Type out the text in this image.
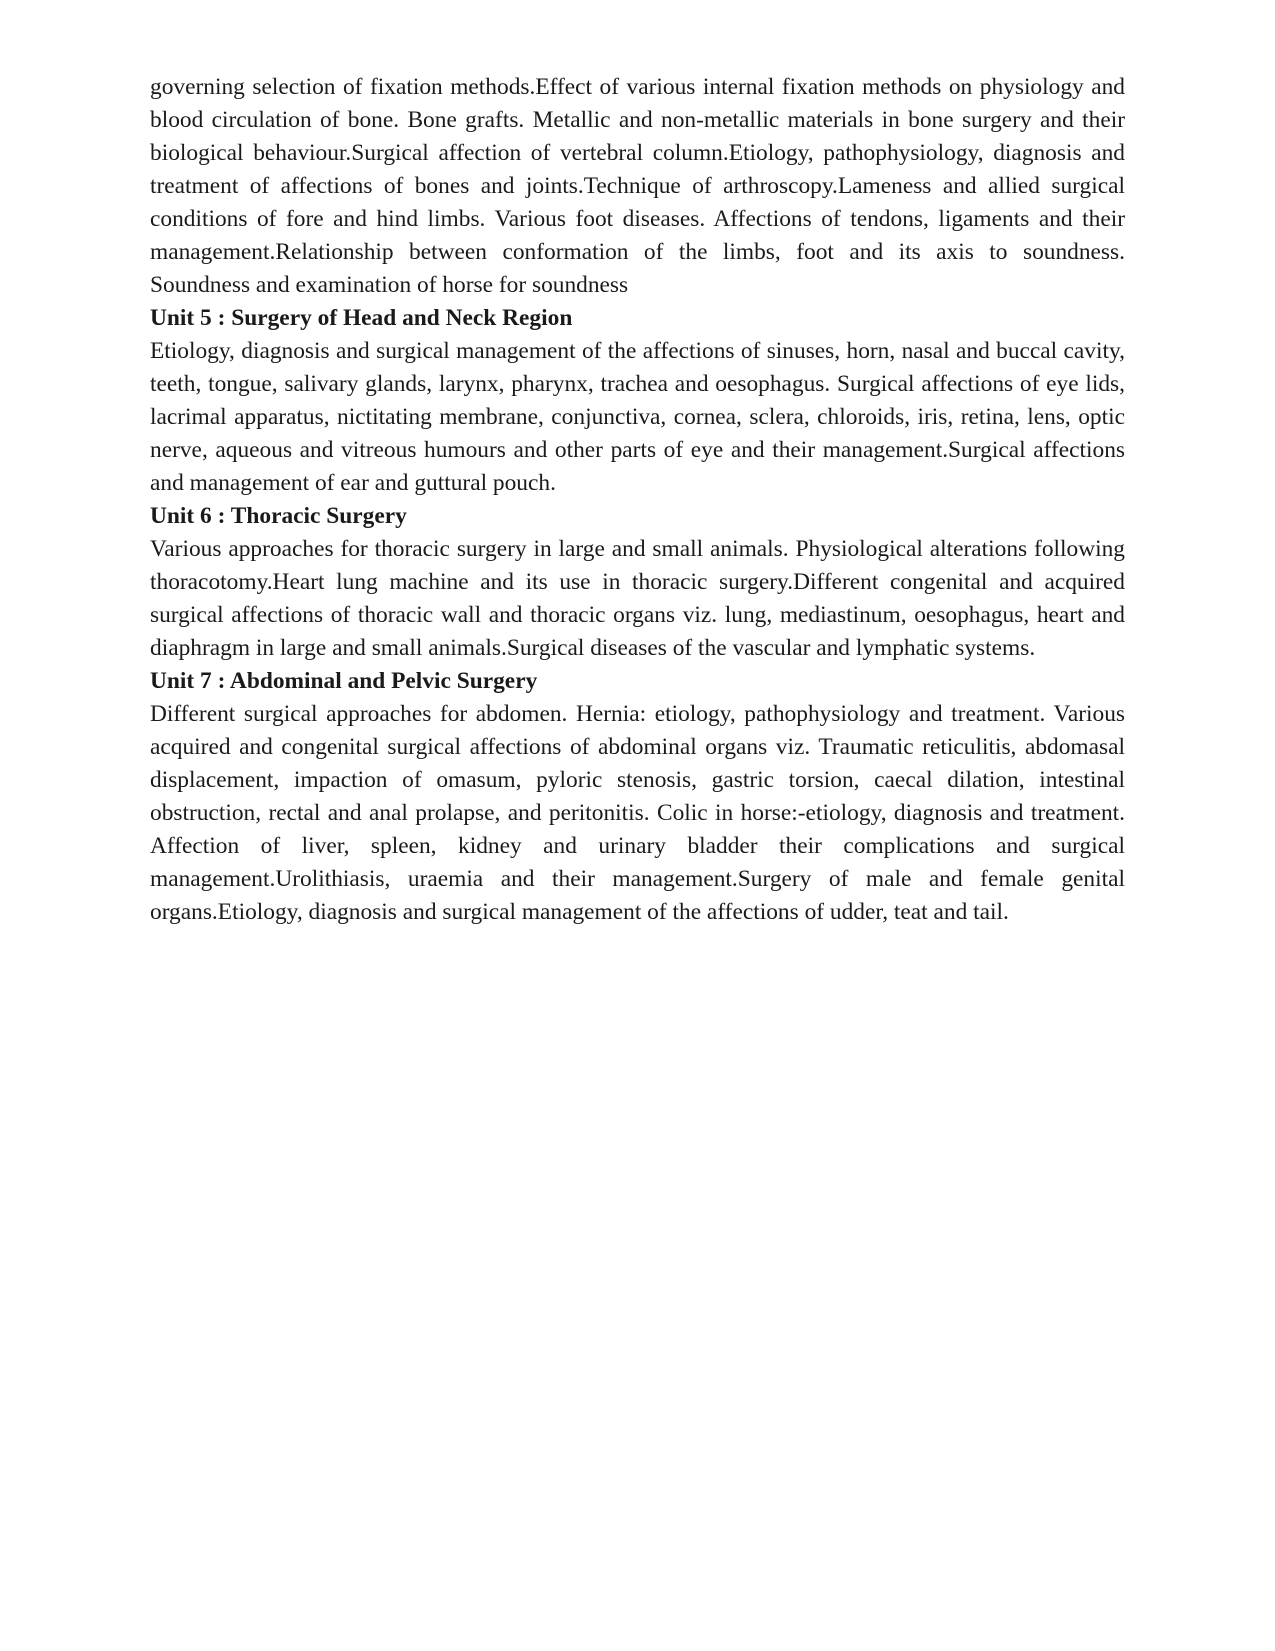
governing selection of fixation methods.Effect of various internal fixation methods on physiology and blood circulation of bone. Bone grafts. Metallic and non-metallic materials in bone surgery and their biological behaviour.Surgical affection of vertebral column.Etiology, pathophysiology, diagnosis and treatment of affections of bones and joints.Technique of arthroscopy.Lameness and allied surgical conditions of fore and hind limbs. Various foot diseases. Affections of tendons, ligaments and their management.Relationship between conformation of the limbs, foot and its axis to soundness. Soundness and examination of horse for soundness

Unit 5 : Surgery of Head and Neck Region

Etiology, diagnosis and surgical management of the affections of sinuses, horn, nasal and buccal cavity, teeth, tongue, salivary glands, larynx, pharynx, trachea and oesophagus. Surgical affections of eye lids, lacrimal apparatus, nictitating membrane, conjunctiva, cornea, sclera, chloroids, iris, retina, lens, optic nerve, aqueous and vitreous humours and other parts of eye and their management.Surgical affections and management of ear and guttural pouch.

Unit 6 : Thoracic Surgery

Various approaches for thoracic surgery in large and small animals. Physiological alterations following thoracotomy.Heart lung machine and its use in thoracic surgery.Different congenital and acquired surgical affections of thoracic wall and thoracic organs viz. lung, mediastinum, oesophagus, heart and diaphragm in large and small animals.Surgical diseases of the vascular and lymphatic systems.

Unit 7 : Abdominal and Pelvic Surgery

Different surgical approaches for abdomen. Hernia: etiology, pathophysiology and treatment. Various acquired and congenital surgical affections of abdominal organs viz. Traumatic reticulitis, abdomasal displacement, impaction of omasum, pyloric stenosis, gastric torsion, caecal dilation, intestinal obstruction, rectal and anal prolapse, and peritonitis. Colic in horse:-etiology, diagnosis and treatment. Affection of liver, spleen, kidney and urinary bladder their complications and surgical management.Urolithiasis, uraemia and their management.Surgery of male and female genital organs.Etiology, diagnosis and surgical management of the affections of udder, teat and tail.
